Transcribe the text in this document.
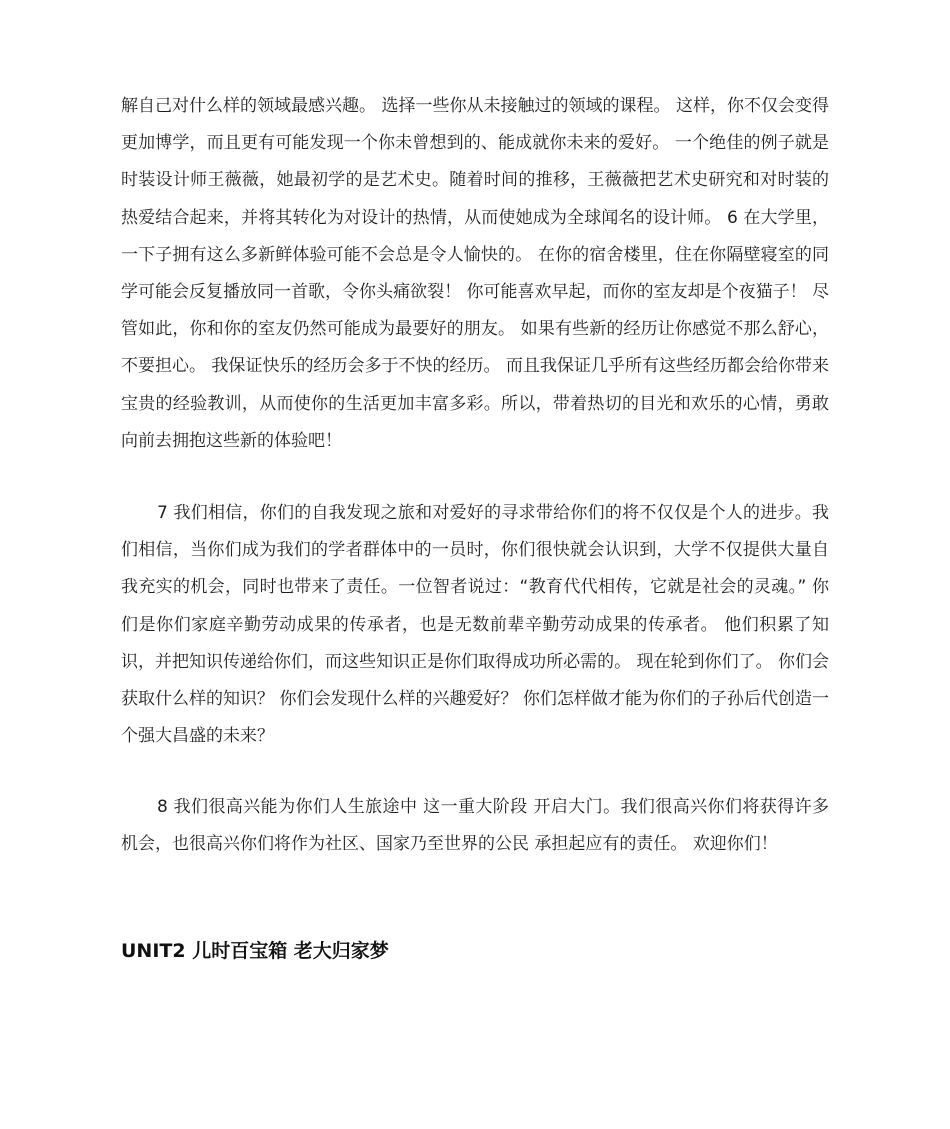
解自己对什么样的领域最感兴趣。 选择一些你从未接触过的领域的课程。 这样，你不仅会变得更加博学，而且更有可能发现一个你未曾想到的、能成就你未来的爱好。 一个绝佳的例子就是时装设计师王薇薇，她最初学的是艺术史。随着时间的推移，王薇薇把艺术史研究和对时装的热爱结合起来，并将其转化为对设计的热情，从而使她成为全球闻名的设计师。 6 在大学里，一下子拥有这么多新鲜体验可能不会总是令人愉快的。 在你的宿舍楼里，住在你隔壁寝室的同学可能会反复播放同一首歌，令你头痛欲裂！ 你可能喜欢早起，而你的室友却是个夜猫子！ 尽管如此，你和你的室友仍然可能成为最要好的朋友。 如果有些新的经历让你感觉不那么舒心，不要担心。 我保证快乐的经历会多于不快的经历。 而且我保证几乎所有这些经历都会给你带来宝贵的经验教训，从而使你的生活更加丰富多彩。所以，带着热切的目光和欢乐的心情，勇敢向前去拥抱这些新的体验吧！

7 我们相信，你们的自我发现之旅和对爱好的寻求带给你们的将不仅仅是个人的进步。我们相信，当你们成为我们的学者群体中的一员时，你们很快就会认识到，大学不仅提供大量自我充实的机会，同时也带来了责任。一位智者说过：“教育代代相传，它就是社会的灵魂。” 你们是你们家庭辛勤劳动成果的传承者，也是无数前辈辛勤劳动成果的传承者。 他们积累了知识，并把知识传递给你们，而这些知识正是你们取得成功所必需的。 现在轮到你们了。 你们会获取什么样的知识？ 你们会发现什么样的兴趣爱好？ 你们怎样做才能为你们的子孙后代创造一个强大昌盛的未来？

8 我们很高兴能为你们人生旅途中 这一重大阶段 开启大门。我们很高兴你们将获得许多机会，也很高兴你们将作为社区、国家乃至世界的公民 承担起应有的责任。 欢迎你们！

UNIT2 儿时百宝箱 老大归家梦
